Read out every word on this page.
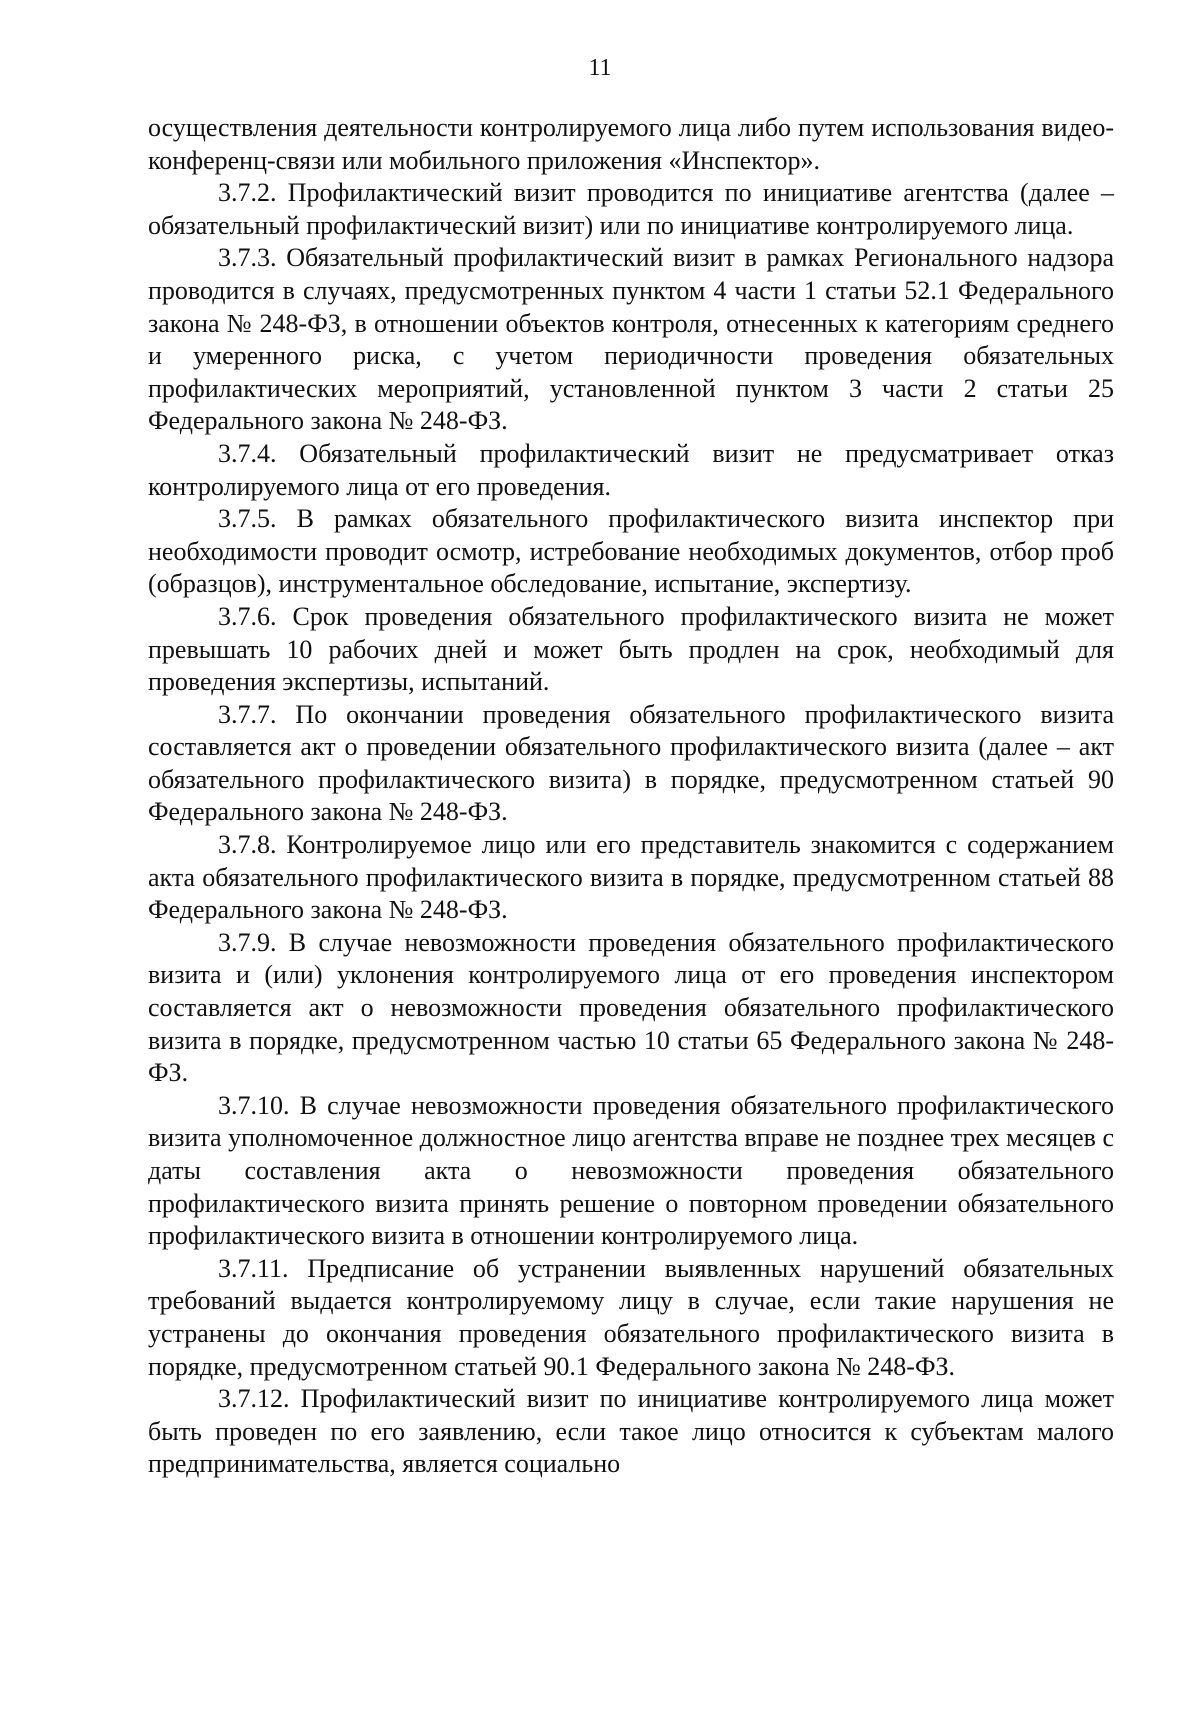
11

осуществления деятельности контролируемого лица либо путем использования видео-конференц-связи или мобильного приложения «Инспектор».

3.7.2. Профилактический визит проводится по инициативе агентства (далее – обязательный профилактический визит) или по инициативе контролируемого лица.

3.7.3. Обязательный профилактический визит в рамках Регионального надзора проводится в случаях, предусмотренных пунктом 4 части 1 статьи 52.1 Федерального закона № 248-ФЗ, в отношении объектов контроля, отнесенных к категориям среднего и умеренного риска, с учетом периодичности проведения обязательных профилактических мероприятий, установленной пунктом 3 части 2 статьи 25 Федерального закона № 248-ФЗ.

3.7.4. Обязательный профилактический визит не предусматривает отказ контролируемого лица от его проведения.

3.7.5. В рамках обязательного профилактического визита инспектор при необходимости проводит осмотр, истребование необходимых документов, отбор проб (образцов), инструментальное обследование, испытание, экспертизу.

3.7.6. Срок проведения обязательного профилактического визита не может превышать 10 рабочих дней и может быть продлен на срок, необходимый для проведения экспертизы, испытаний.

3.7.7. По окончании проведения обязательного профилактического визита составляется акт о проведении обязательного профилактического визита (далее – акт обязательного профилактического визита) в порядке, предусмотренном статьей 90 Федерального закона № 248-ФЗ.

3.7.8. Контролируемое лицо или его представитель знакомится с содержанием акта обязательного профилактического визита в порядке, предусмотренном статьей 88 Федерального закона № 248-ФЗ.

3.7.9. В случае невозможности проведения обязательного профилактического визита и (или) уклонения контролируемого лица от его проведения инспектором составляется акт о невозможности проведения обязательного профилактического визита в порядке, предусмотренном частью 10 статьи 65 Федерального закона № 248-ФЗ.

3.7.10. В случае невозможности проведения обязательного профилактического визита уполномоченное должностное лицо агентства вправе не позднее трех месяцев с даты составления акта о невозможности проведения обязательного профилактического визита принять решение о повторном проведении обязательного профилактического визита в отношении контролируемого лица.

3.7.11. Предписание об устранении выявленных нарушений обязательных требований выдается контролируемому лицу в случае, если такие нарушения не устранены до окончания проведения обязательного профилактического визита в порядке, предусмотренном статьей 90.1 Федерального закона № 248-ФЗ.

3.7.12. Профилактический визит по инициативе контролируемого лица может быть проведен по его заявлению, если такое лицо относится к субъектам малого предпринимательства, является социально
